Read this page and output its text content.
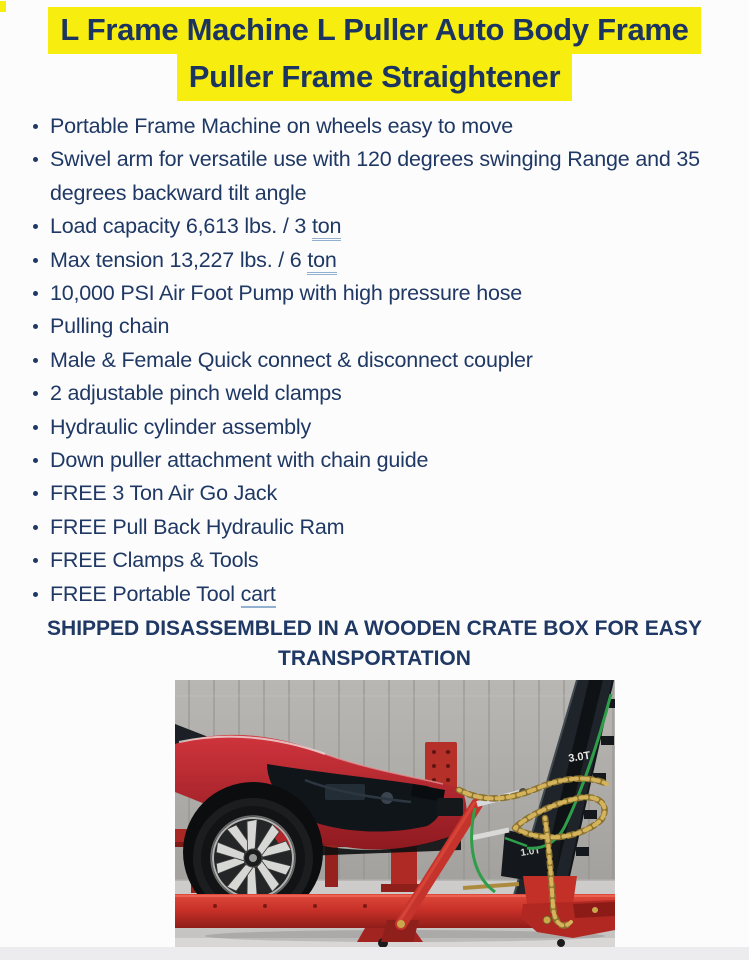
L Frame Machine L Puller Auto Body Frame
Puller Frame Straightener
Portable Frame Machine on wheels easy to move
Swivel arm for versatile use with 120 degrees swinging Range and 35 degrees backward tilt angle
Load capacity 6,613 lbs. / 3 ton
Max tension 13,227 lbs. / 6 ton
10,000 PSI Air Foot Pump with high pressure hose
Pulling chain
Male & Female Quick connect & disconnect coupler
2 adjustable pinch weld clamps
Hydraulic cylinder assembly
Down puller attachment with chain guide
FREE 3 Ton Air Go Jack
FREE Pull Back Hydraulic Ram
FREE Clamps & Tools
FREE Portable Tool cart
SHIPPED DISASSEMBLED IN A WOODEN CRATE BOX FOR EASY TRANSPORTATION
3.0T
1.0T
